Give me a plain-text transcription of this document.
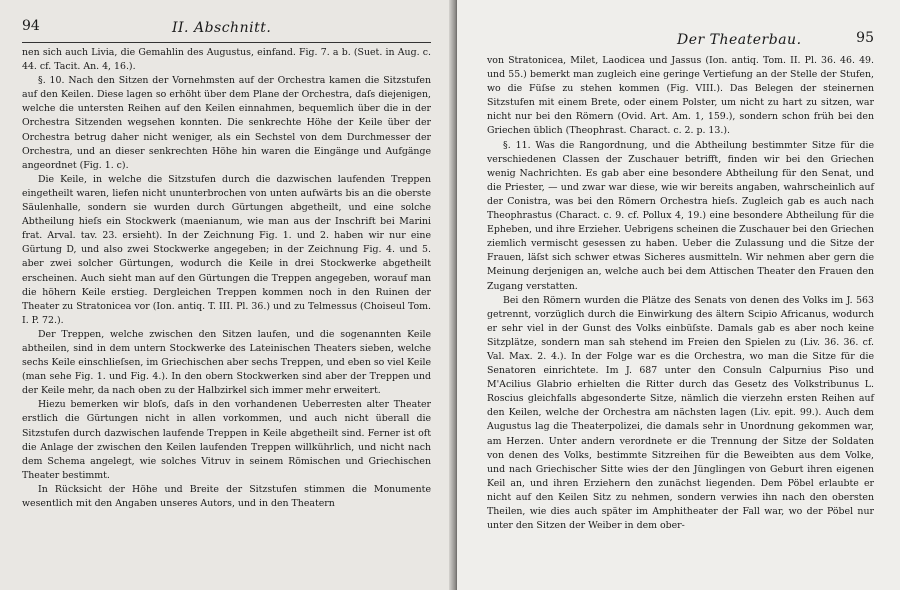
94	II. Abschnitt.

nen sich auch Livia, die Gemahlin des Augustus, einfand. Fig. 7. a b. (Suet. in Aug. c. 44. cf. Tacit. An. 4, 16.).

§. 10. Nach den Sitzen der Vornehmsten auf der Orchestra kamen die Sitzstufen auf den Keilen. Diese lagen so erhöht über dem Plane der Orchestra, daſs diejenigen, welche die untersten Reihen auf den Keilen einnahmen, bequemlich über die in der Orchestra Sitzenden wegsehen konnten. Die senkrechte Höhe der Keile über der Orchestra betrug daher nicht weniger, als ein Sechstel von dem Durchmesser der Orchestra, und an dieser senkrechten Höhe hin waren die Eingänge und Aufgänge angeordnet (Fig. 1. c).

Die Keile, in welche die Sitzstufen durch die dazwischen laufenden Treppen eingetheilt waren, liefen nicht ununterbrochen von unten aufwärts bis an die oberste Säulenhalle, sondern sie wurden durch Gürtungen abgetheilt, und eine solche Abtheilung hieſs ein Stockwerk (maenianum, wie man aus der Inschrift bei Marini frat. Arval. tav. 23. ersieht). In der Zeichnung Fig. 1. und 2. haben wir nur eine Gürtung D, und also zwei Stockwerke angegeben; in der Zeichnung Fig. 4. und 5. aber zwei solcher Gürtungen, wodurch die Keile in drei Stockwerke abgetheilt erscheinen. Auch sieht man auf den Gürtungen die Treppen angegeben, worauf man die höhern Keile erstieg. Dergleichen Treppen kommen noch in den Ruinen der Theater zu Stratonicea vor (Ion. antiq. T. III. Pl. 36.) und zu Telmessus (Choiseul Tom. I. P. 72.).

Der Treppen, welche zwischen den Sitzen laufen, und die sogenannten Keile abtheilen, sind in dem untern Stockwerke des Lateinischen Theaters sieben, welche sechs Keile einschlieſsen, im Griechischen aber sechs Treppen, und eben so viel Keile (man sehe Fig. 1. und Fig. 4.). In den obern Stockwerken sind aber der Treppen und der Keile mehr, da nach oben zu der Halbzirkel sich immer mehr erweitert.

Hiezu bemerken wir bloſs, daſs in den vorhandenen Ueberresten alter Theater erstlich die Gürtungen nicht in allen vorkommen, und auch nicht überall die Sitzstufen durch dazwischen laufende Treppen in Keile abgetheilt sind. Ferner ist oft die Anlage der zwischen den Keilen laufenden Treppen willkührlich, und nicht nach dem Schema angelegt, wie solches Vitruv in seinem Römischen und Griechischen Theater bestimmt.

In Rücksicht der Höhe und Breite der Sitzstufen stimmen die Monumente wesentlich mit den Angaben unseres Autors, und in den Theatern

Der Theaterbau.	95

von Stratonicea, Milet, Laodicea und Jassus (Ion. antiq. Tom. II. Pl. 36. 46. 49. und 55.) bemerkt man zugleich eine geringe Vertiefung an der Stelle der Stufen, wo die Füſse zu stehen kommen (Fig. VIII.). Das Belegen der steinernen Sitzstufen mit einem Brete, oder einem Polster, um nicht zu hart zu sitzen, war nicht nur bei den Römern (Ovid. Art. Am. 1, 159.), sondern schon früh bei den Griechen üblich (Theophrast. Charact. c. 2. p. 13.).

§. 11. Was die Rangordnung, und die Abtheilung bestimmter Sitze für die verschiedenen Classen der Zuschauer betrifft, finden wir bei den Griechen wenig Nachrichten. Es gab aber eine besondere Abtheilung für den Senat, und die Priester, — und zwar war diese, wie wir bereits angaben, wahrscheinlich auf der Conistra, was bei den Römern Orchestra hieſs. Zugleich gab es auch nach Theophrastus (Charact. c. 9. cf. Pollux 4, 19.) eine besondere Abtheilung für die Epheben, und ihre Erzieher. Uebrigens scheinen die Zuschauer bei den Griechen ziemlich vermischt gesessen zu haben. Ueber die Zulassung und die Sitze der Frauen, läſst sich schwer etwas Sicheres ausmitteln. Wir nehmen aber gern die Meinung derjenigen an, welche auch bei dem Attischen Theater den Frauen den Zugang verstatten.

Bei den Römern wurden die Plätze des Senats von denen des Volks im J. 563 getrennt, vorzüglich durch die Einwirkung des ältern Scipio Africanus, wodurch er sehr viel in der Gunst des Volks einbüſste. Damals gab es aber noch keine Sitzplätze, sondern man sah stehend im Freien den Spielen zu (Liv. 36. 36. cf. Val. Max. 2. 4.). In der Folge war es die Orchestra, wo man die Sitze für die Senatoren einrichtete. Im J. 687 unter den Consuln Calpurnius Piso und M'Acilius Glabrio erhielten die Ritter durch das Gesetz des Volkstribunus L. Roscius gleichfalls abgesonderte Sitze, nämlich die vierzehn ersten Reihen auf den Keilen, welche der Orchestra am nächsten lagen (Liv. epit. 99.). Auch dem Augustus lag die Theaterpolizei, die damals sehr in Unordnung gekommen war, am Herzen. Unter andern verordnete er die Trennung der Sitze der Soldaten von denen des Volks, bestimmte Sitzreihen für die Beweibten aus dem Volke, und nach Griechischer Sitte wies der den Jünglingen von Geburt ihren eigenen Keil an, und ihren Erziehern den zunächst liegenden. Dem Pöbel erlaubte er nicht auf den Keilen Sitz zu nehmen, sondern verwies ihn nach den obersten Theilen, wie dies auch später im Amphitheater der Fall war, wo der Pöbel nur unter den Sitzen der Weiber in dem ober-
